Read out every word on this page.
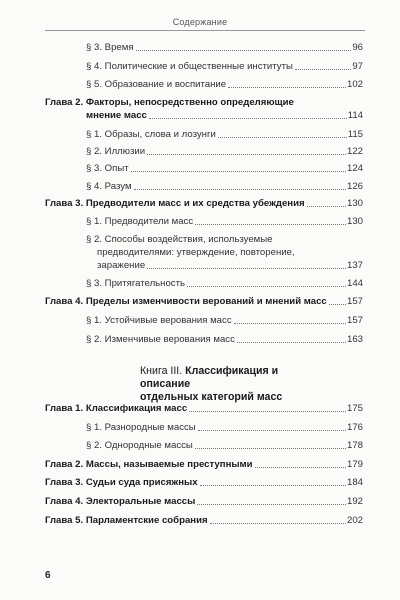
Содержание
§ 3. Время	96
§ 4. Политические и общественные институты	97
§ 5. Образование и воспитание	102
Глава 2. Факторы, непосредственно определяющие
мнение масс	114
§ 1. Образы, слова и лозунги	115
§ 2. Иллюзии	122
§ 3. Опыт	124
§ 4. Разум	126
Глава 3. Предводители масс и их средства убеждения	130
§ 1. Предводители масс	130
§ 2. Способы воздействия, используемые
предводителями: утверждение, повторение,
заражение	137
§ 3. Притягательность	144
Глава 4. Пределы изменчивости верований и мнений масс 157
§ 1. Устойчивые верования масс	157
§ 2. Изменчивые верования масс	163
Книга III. Классификация и описание
отдельных категорий масс
Глава 1. Классификация масс	175
§ 1. Разнородные массы	176
§ 2. Однородные массы	178
Глава 2. Массы, называемые преступными	179
Глава 3. Судьи суда присяжных	184
Глава 4. Электоральные массы	192
Глава 5. Парламентские собрания	202
6
